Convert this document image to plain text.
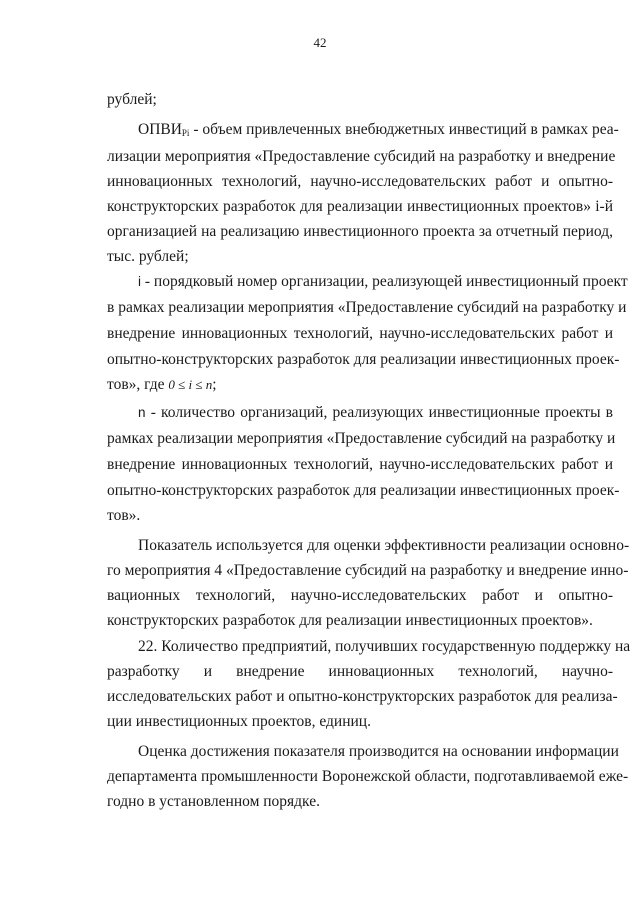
42
рублей;
$ОПВИ_{Рi}$ - объем привлеченных внебюджетных инвестиций в рамках реа-
лизации мероприятия «Предоставление субсидий на разработку и внедрение
инновационных технологий, научно-исследовательских работ и опытно-
конструкторских разработок для реализации инвестиционных проектов» i-й
организацией на реализацию инвестиционного проекта за отчетный период,
тыс. рублей;
i - порядковый номер организации, реализующей инвестиционный проект
в рамках реализации мероприятия «Предоставление субсидий на разработку и
внедрение инновационных технологий, научно-исследовательских работ и
опытно-конструкторских разработок для реализации инвестиционных проек-
тов», где 0 ≤ i ≤ n;
n - количество организаций, реализующих инвестиционные проекты в
рамках реализации мероприятия «Предоставление субсидий на разработку и
внедрение инновационных технологий, научно-исследовательских работ и
опытно-конструкторских разработок для реализации инвестиционных проек-
тов».
Показатель используется для оценки эффективности реализации основно-
го мероприятия 4 «Предоставление субсидий на разработку и внедрение инно-
вационных технологий, научно-исследовательских работ и опытно-
конструкторских разработок для реализации инвестиционных проектов».
22. Количество предприятий, получивших государственную поддержку на
разработку и внедрение инновационных технологий, научно-
исследовательских работ и опытно-конструкторских разработок для реализа-
ции инвестиционных проектов, единиц.
Оценка достижения показателя производится на основании информации
департамента промышленности Воронежской области, подготавливаемой еже-
годно в установленном порядке.
